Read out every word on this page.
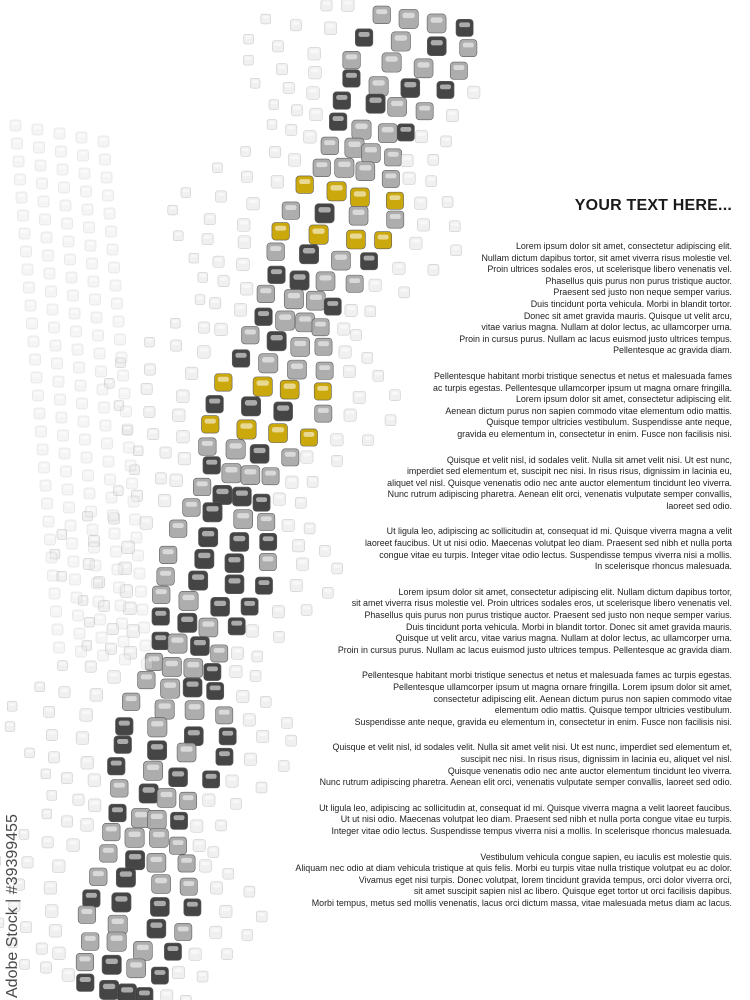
YOUR TEXT HERE...
Lorem ipsum dolor sit amet, consectetur adipiscing elit.
Nullam dictum dapibus tortor, sit amet viverra risus molestie vel.
Proin ultrices sodales eros, ut scelerisque libero venenatis vel.
Phasellus quis purus non purus tristique auctor.
Praesent sed justo non neque semper varius.
Duis tincidunt porta vehicula. Morbi in blandit tortor.
Donec sit amet gravida mauris. Quisque ut velit arcu,
vitae varius magna. Nullam at dolor lectus, ac ullamcorper urna.
Proin in cursus purus. Nullam ac lacus euismod justo ultrices tempus.
Pellentesque ac gravida diam.
Pellentesque habitant morbi tristique senectus et netus et malesuada fames
ac turpis egestas. Pellentesque ullamcorper ipsum ut magna ornare fringilla.
Lorem ipsum dolor sit amet, consectetur adipiscing elit.
Aenean dictum purus non sapien commodo vitae elementum odio mattis.
Quisque tempor ultricies vestibulum. Suspendisse ante neque,
gravida eu elementum in, consectetur in enim. Fusce non facilisis nisi.
Quisque et velit nisl, id sodales velit. Nulla sit amet velit nisi. Ut est nunc,
imperdiet sed elementum et, suscipit nec nisi. In risus risus, dignissim in lacinia eu,
aliquet vel nisl. Quisque venenatis odio nec ante auctor elementum tincidunt leo viverra.
Nunc rutrum adipiscing pharetra. Aenean elit orci, venenatis vulputate semper convallis,
laoreet sed odio.
Ut ligula leo, adipiscing ac sollicitudin at, consequat id mi. Quisque viverra magna a velit
laoreet faucibus. Ut ut nisi odio. Maecenas volutpat leo diam. Praesent sed nibh et nulla porta
congue vitae eu turpis. Integer vitae odio lectus. Suspendisse tempus viverra nisi a mollis.
In scelerisque rhoncus malesuada.
Lorem ipsum dolor sit amet, consectetur adipiscing elit. Nullam dictum dapibus tortor,
sit amet viverra risus molestie vel. Proin ultrices sodales eros, ut scelerisque libero venenatis vel.
Phasellus quis purus non purus tristique auctor. Praesent sed justo non neque semper varius.
Duis tincidunt porta vehicula. Morbi in blandit tortor. Donec sit amet gravida mauris.
Quisque ut velit arcu, vitae varius magna. Nullam at dolor lectus, ac ullamcorper urna.
Proin in cursus purus. Nullam ac lacus euismod justo ultrices tempus. Pellentesque ac gravida diam.
Pellentesque habitant morbi tristique senectus et netus et malesuada fames ac turpis egestas.
Pellentesque ullamcorper ipsum ut magna ornare fringilla. Lorem ipsum dolor sit amet,
consectetur adipiscing elit. Aenean dictum purus non sapien commodo vitae
elementum odio mattis. Quisque tempor ultricies vestibulum.
Suspendisse ante neque, gravida eu elementum in, consectetur in enim. Fusce non facilisis nisi.
Quisque et velit nisl, id sodales velit. Nulla sit amet velit nisi. Ut est nunc, imperdiet sed elementum et,
suscipit nec nisi. In risus risus, dignissim in lacinia eu, aliquet vel nisl.
Quisque venenatis odio nec ante auctor elementum tincidunt leo viverra.
Nunc rutrum adipiscing pharetra. Aenean elit orci, venenatis vulputate semper convallis, laoreet sed odio.
Ut ligula leo, adipiscing ac sollicitudin at, consequat id mi. Quisque viverra magna a velit laoreet faucibus.
Ut ut nisi odio. Maecenas volutpat leo diam. Praesent sed nibh et nulla porta congue vitae eu turpis.
Integer vitae odio lectus. Suspendisse tempus viverra nisi a mollis. In scelerisque rhoncus malesuada.
Vestibulum vehicula congue sapien, eu iaculis est molestie quis.
Aliquam nec odio at diam vehicula tristique at quis felis. Morbi eu turpis vitae nulla tristique volutpat eu ac dolor.
Vivamus eget nisi turpis. Donec volutpat, lorem tincidunt gravida tempus, orci dolor viverra orci,
sit amet suscipit sapien nisl ac libero. Quisque eget tortor ut orci facilisis dapibus.
Morbi tempus, metus sed mollis venenatis, lacus orci dictum massa, vitae malesuada metus diam ac lacus.
Adobe Stock | #39399455
